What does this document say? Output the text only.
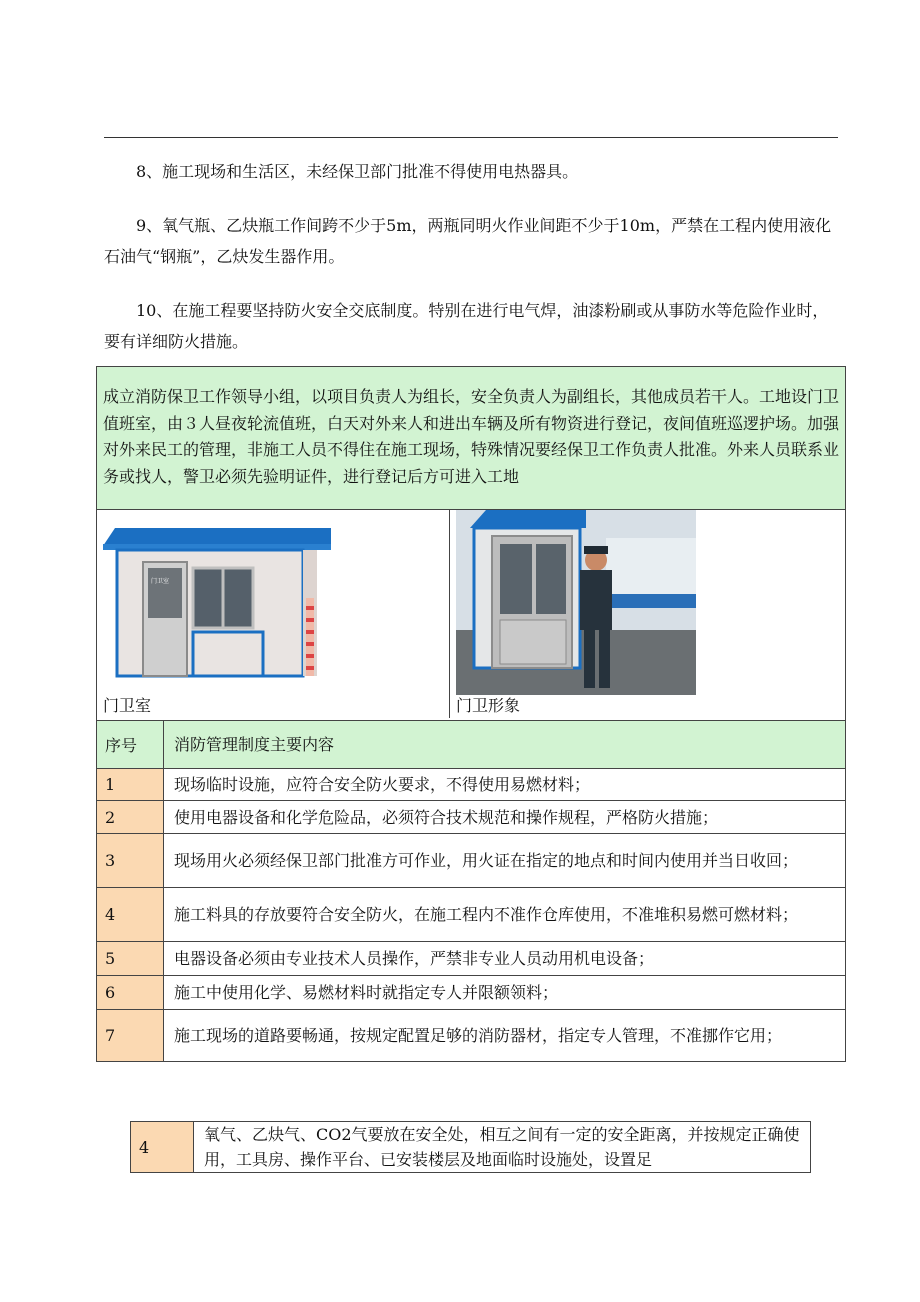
8、施工现场和生活区，未经保卫部门批准不得使用电热器具。

9、氧气瓶、乙炔瓶工作间跨不少于5m，两瓶同明火作业间距不少于10m，严禁在工程内使用液化石油气“钢瓶”，乙炔发生器作用。

10、在施工程要坚持防火安全交底制度。特别在进行电气焊，油漆粉刷或从事防水等危险作业时，要有详细防火措施。

成立消防保卫工作领导小组，以项目负责人为组长，安全负责人为副组长，其他成员若干人。工地设门卫值班室，由３人昼夜轮流值班，白天对外来人和进出车辆及所有物资进行登记，夜间值班巡逻护场。加强对外来民工的管理，非施工人员不得住在施工现场，特殊情况要经保卫工作负责人批准。外来人员联系业务或找人，警卫必须先验明证件，进行登记后方可进入工地	

门卫室
门卫室 门卫形象	

序号	消防管理制度主要内容
1	现场临时设施，应符合安全防火要求，不得使用易燃材料；
2	使用电器设备和化学危险品，必须符合技术规范和操作规程，严格防火措施；
3	现场用火必须经保卫部门批准方可作业，用火证在指定的地点和时间内使用并当日收回；
4	施工料具的存放要符合安全防火，在施工程内不准作仓库使用，不准堆积易燃可燃材料；
5	电器设备必须由专业技术人员操作，严禁非专业人员动用机电设备；
6	施工中使用化学、易燃材料时就指定专人并限额领料；
7	施工现场的道路要畅通，按规定配置足够的消防器材，指定专人管理，不准挪作它用；
4	氧气、乙炔气、CO2气要放在安全处，相互之间有一定的安全距离，并按规定正确使用，工具房、操作平台、已安装楼层及地面临时设施处，设置足
